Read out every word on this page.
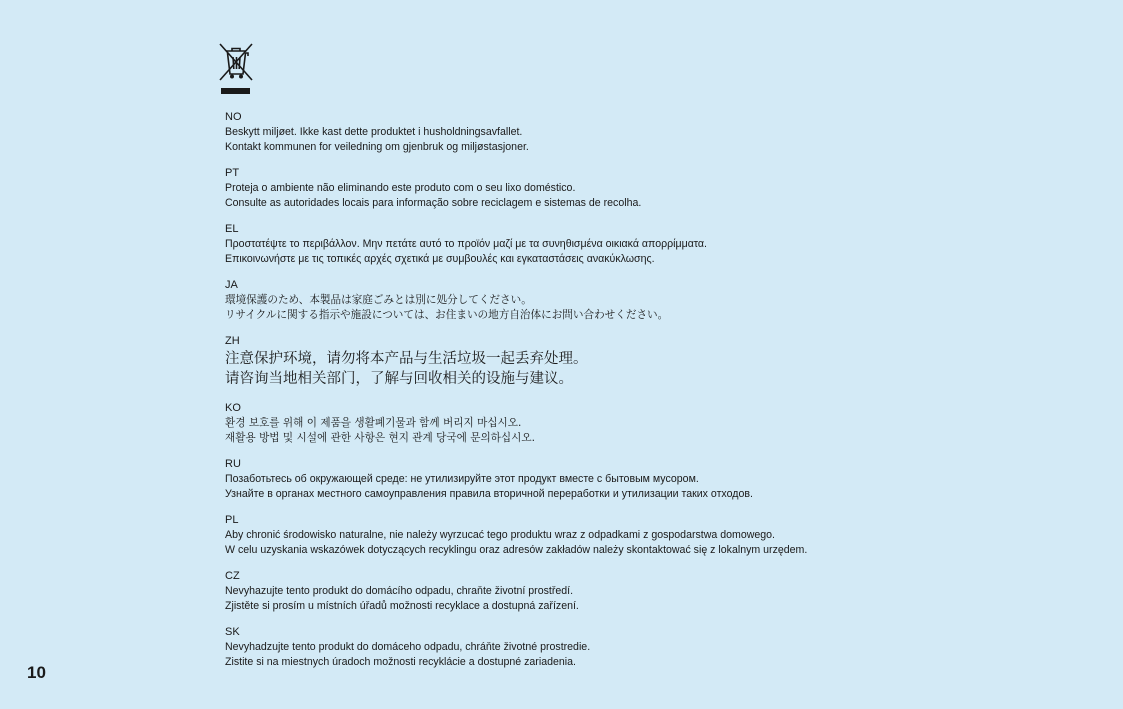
NO
Beskytt miljøet. Ikke kast dette produktet i husholdningsavfallet.
Kontakt kommunen for veiledning om gjenbruk og miljøstasjoner.
PT
Proteja o ambiente não eliminando este produto com o seu lixo doméstico.
Consulte as autoridades locais para informação sobre reciclagem e sistemas de recolha.
EL
Προστατέψτε το περιβάλλον. Μην πετάτε αυτό το προϊόν μαζί με τα συνηθισμένα οικιακά απορρίμματα.
Επικοινωνήστε με τις τοπικές αρχές σχετικά με συμβουλές και εγκαταστάσεις ανακύκλωσης.
JA
環境保護のため、本製品は家庭ごみとは別に処分してください。
リサイクルに関する指示や施設については、お住まいの地方自治体にお問い合わせください。
ZH
注意保护环境，请勿将本产品与生活垃圾一起丢弃处理。
请咨询当地相关部门，了解与回收相关的设施与建议。
KO
환경 보호를 위해 이 제품을 생활폐기물과 함께 버리지 마십시오.
재활용 방법 및 시설에 관한 사항은 현지 관계 당국에 문의하십시오.
RU
Позаботьтесь об окружающей среде: не утилизируйте этот продукт вместе с бытовым мусором.
Узнайте в органах местного самоуправления правила вторичной переработки и утилизации таких отходов.
PL
Aby chronić środowisko naturalne, nie należy wyrzucać tego produktu wraz z odpadkami z gospodarstwa domowego.
W celu uzyskania wskazówek dotyczących recyklingu oraz adresów zakładów należy skontaktować się z lokalnym urzędem.
CZ
Nevyhazujte tento produkt do domácího odpadu, chraňte životní prostředí.
Zjistěte si prosím u místních úřadů možnosti recyklace a dostupná zařízení.
SK
Nevyhadzujte tento produkt do domáceho odpadu, chráňte životné prostredie.
Zistite si na miestnych úradoch možnosti recyklácie a dostupné zariadenia.
10
